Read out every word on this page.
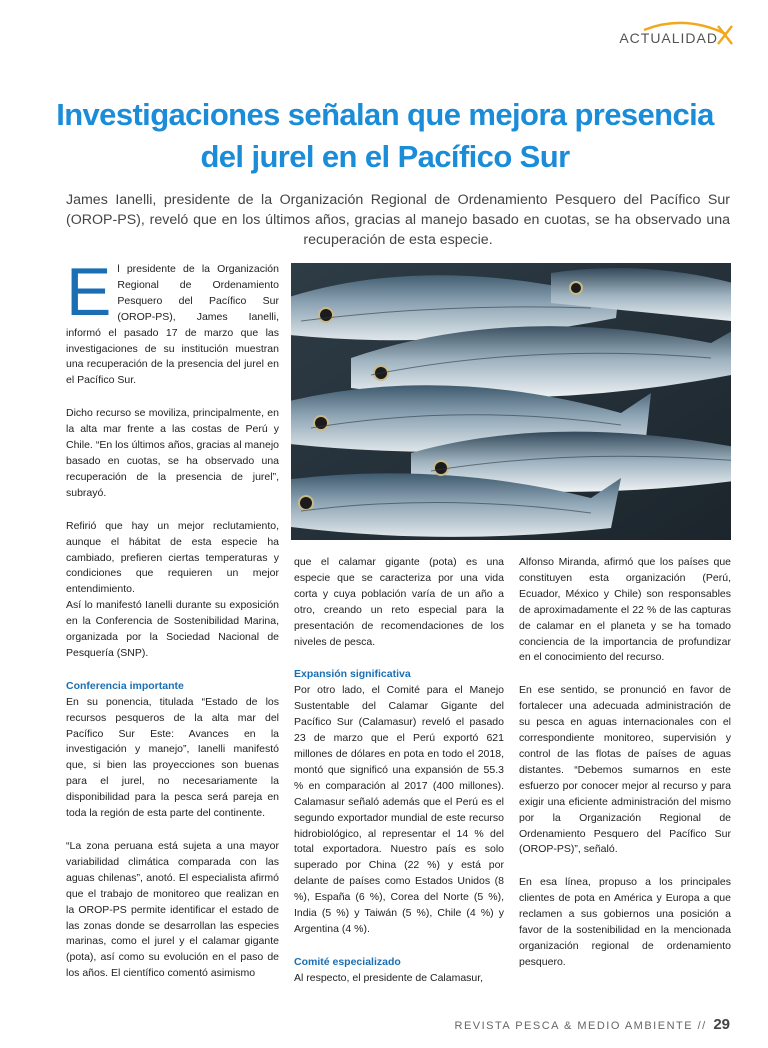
ACTUALIDAD
Investigaciones señalan que mejora presencia
del jurel en el Pacífico Sur

James Ianelli, presidente de la Organización Regional de Ordenamiento Pesquero del Pacífico Sur (OROP-PS), reveló que en los últimos años, gracias al manejo basado en cuotas, se ha observado una recuperación de esta especie.

El presidente de la Organización Regional de Ordenamiento Pesquero del Pacífico Sur (OROP-PS), James Ianelli, informó el pasado 17 de marzo que las investigaciones de su institución muestran una recuperación de la presencia del jurel en el Pacífico Sur.

Dicho recurso se moviliza, principalmente, en la alta mar frente a las costas de Perú y Chile. “En los últimos años, gracias al manejo basado en cuotas, se ha observado una recuperación de la presencia de jurel”, subrayó.

Refirió que hay un mejor reclutamiento, aunque el hábitat de esta especie ha cambiado, prefieren ciertas temperaturas y condiciones que requieren un mejor entendimiento.

Así lo manifestó Ianelli durante su exposición en la Conferencia de Sostenibilidad Marina, organizada por la Sociedad Nacional de Pesquería (SNP).

Conferencia importante

En su ponencia, titulada “Estado de los recursos pesqueros de la alta mar del Pacífico Sur Este: Avances en la investigación y manejo”, Ianelli manifestó que, si bien las proyecciones son buenas para el jurel, no necesariamente la disponibilidad para la pesca será pareja en toda la región de esta parte del continente.

“La zona peruana está sujeta a una mayor variabilidad climática comparada con las aguas chilenas”, anotó. El especialista afirmó que el trabajo de monitoreo que realizan en la OROP-PS permite identificar el estado de las zonas donde se desarrollan las especies marinas, como el jurel y el calamar gigante (pota), así como su evolución en el paso de los años. El científico comentó asimismo

que el calamar gigante (pota) es una especie que se caracteriza por una vida corta y cuya población varía de un año a otro, creando un reto especial para la presentación de recomendaciones de los niveles de pesca.

Expansión significativa

Por otro lado, el Comité para el Manejo Sustentable del Calamar Gigante del Pacífico Sur (Calamasur) reveló el pasado 23 de marzo que el Perú exportó 621 millones de dólares en pota en todo el 2018, montó que significó una expansión de 55.3 % en comparación al 2017 (400 millones). Calamasur señaló además que el Perú es el segundo exportador mundial de este recurso hidrobiológico, al representar el 14 % del total exportadora. Nuestro país es solo superado por China (22 %) y está por delante de países como Estados Unidos (8 %), España (6 %), Corea del Norte (5 %), India (5 %) y Taiwán (5 %), Chile (4 %) y Argentina (4 %).

Comité especializado

Al respecto, el presidente de Calamasur,

Alfonso Miranda, afirmó que los países que constituyen esta organización (Perú, Ecuador, México y Chile) son responsables de aproximadamente el 22 % de las capturas de calamar en el planeta y se ha tomado conciencia de la importancia de profundizar en el conocimiento del recurso.

En ese sentido, se pronunció en favor de fortalecer una adecuada administración de su pesca en aguas internacionales con el correspondiente monitoreo, supervisión y control de las flotas de países de aguas distantes. “Debemos sumarnos en este esfuerzo por conocer mejor al recurso y para exigir una eficiente administración del mismo por la Organización Regional de Ordenamiento Pesquero del Pacífico Sur (OROP-PS)”, señaló.

En esa línea, propuso a los principales clientes de pota en América y Europa a que reclamen a sus gobiernos una posición a favor de la sostenibilidad en la mencionada organización regional de ordenamiento pesquero.

REVISTA PESCA & MEDIO AMBIENTE // 29
